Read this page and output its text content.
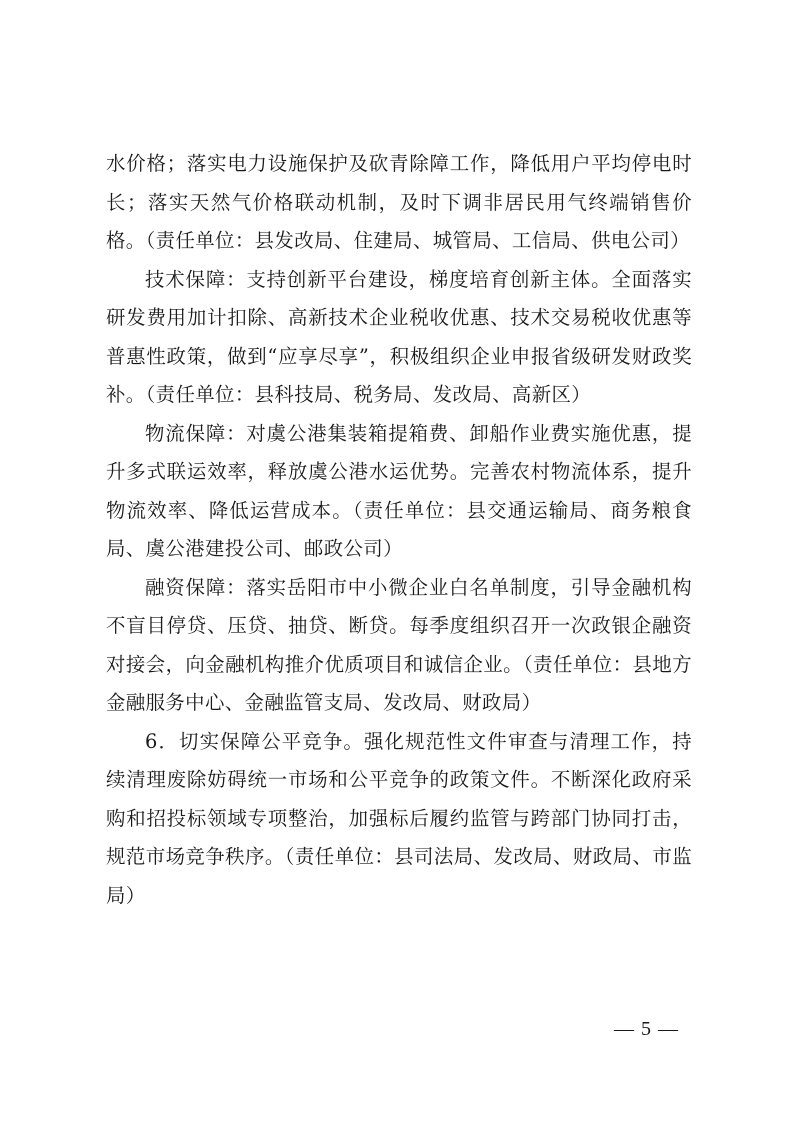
水价格；落实电力设施保护及砍青除障工作，降低用户平均停电时长；落实天然气价格联动机制，及时下调非居民用气终端销售价格。（责任单位：县发改局、住建局、城管局、工信局、供电公司）

技术保障：支持创新平台建设，梯度培育创新主体。全面落实研发费用加计扣除、高新技术企业税收优惠、技术交易税收优惠等普惠性政策，做到“应享尽享”，积极组织企业申报省级研发财政奖补。（责任单位：县科技局、税务局、发改局、高新区）

物流保障：对虞公港集装箱提箱费、卸船作业费实施优惠，提升多式联运效率，释放虞公港水运优势。完善农村物流体系，提升物流效率、降低运营成本。（责任单位：县交通运输局、商务粮食局、虞公港建投公司、邮政公司）

融资保障：落实岳阳市中小微企业白名单制度，引导金融机构不盲目停贷、压贷、抽贷、断贷。每季度组织召开一次政银企融资对接会，向金融机构推介优质项目和诚信企业。（责任单位：县地方金融服务中心、金融监管支局、发改局、财政局）

6．切实保障公平竞争。强化规范性文件审查与清理工作，持续清理废除妨碍统一市场和公平竞争的政策文件。不断深化政府采购和招投标领域专项整治，加强标后履约监管与跨部门协同打击，规范市场竞争秩序。（责任单位：县司法局、发改局、财政局、市监局）

— 5 —
